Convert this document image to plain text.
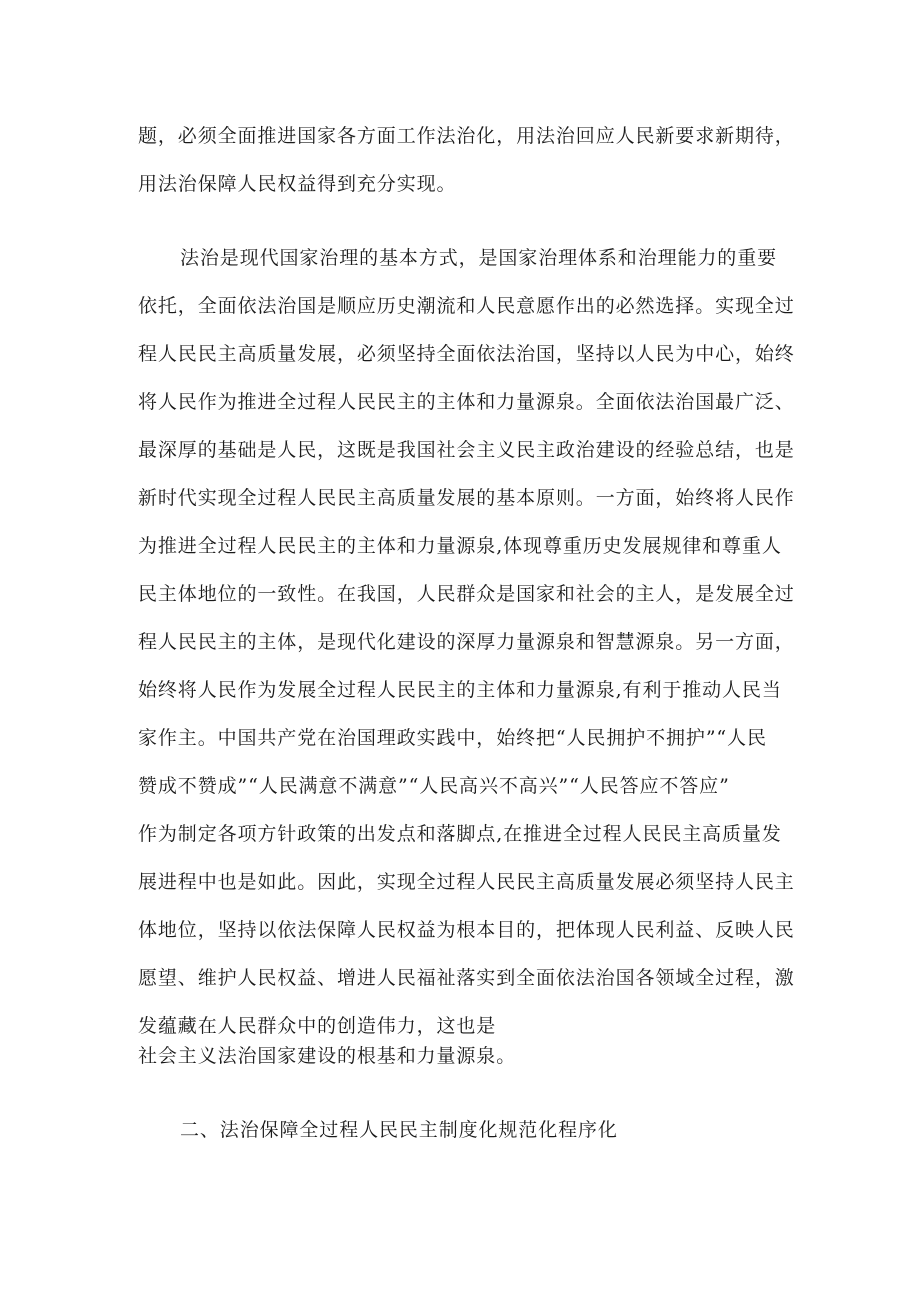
题，必须全面推进国家各方面工作法治化，用法治回应人民新要求新期待，
用法治保障人民权益得到充分实现。
法治是现代国家治理的基本方式，是国家治理体系和治理能力的重要
依托，全面依法治国是顺应历史潮流和人民意愿作出的必然选择。实现全过
程人民民主高质量发展，必须坚持全面依法治国，坚持以人民为中心，始终
将人民作为推进全过程人民民主的主体和力量源泉。全面依法治国最广泛、
最深厚的基础是人民，这既是我国社会主义民主政治建设的经验总结，也是
新时代实现全过程人民民主高质量发展的基本原则。一方面，始终将人民作
为推进全过程人民民主的主体和力量源泉,体现尊重历史发展规律和尊重人
民主体地位的一致性。在我国，人民群众是国家和社会的主人，是发展全过
程人民民主的主体，是现代化建设的深厚力量源泉和智慧源泉。另一方面，
始终将人民作为发展全过程人民民主的主体和力量源泉,有利于推动人民当
家作主。中国共产党在治国理政实践中，始终把“人民拥护不拥护”“人民
赞成不赞成”“人民满意不满意”“人民高兴不高兴”“人民答应不答应”
作为制定各项方针政策的出发点和落脚点,在推进全过程人民民主高质量发
展进程中也是如此。因此，实现全过程人民民主高质量发展必须坚持人民主
体地位，坚持以依法保障人民权益为根本目的，把体现人民利益、反映人民
愿望、维护人民权益、增进人民福祉落实到全面依法治国各领域全过程，激
发蕴藏在人民群众中的创造伟力，这也是
社会主义法治国家建设的根基和力量源泉。
二、法治保障全过程人民民主制度化规范化程序化
